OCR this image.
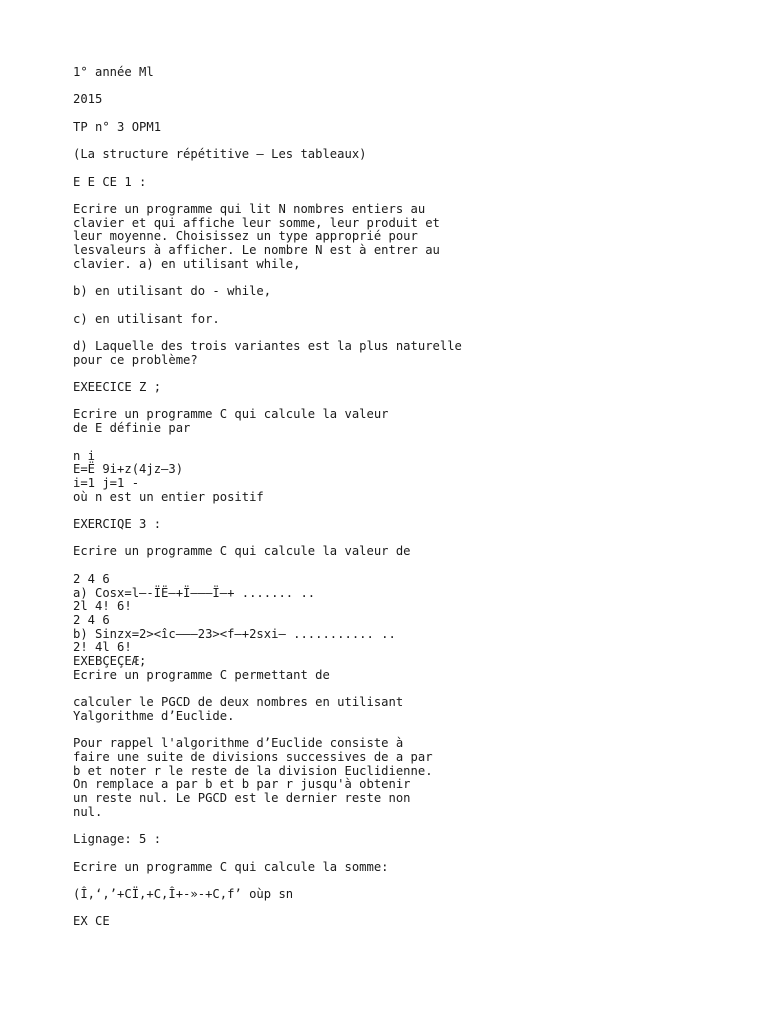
1° année Ml
2015
TP n° 3 OPM1
(La structure répétitive — Les tableaux)
E E CE 1 :
Ecrire un programme qui lit N nombres entiers au
clavier et qui affiche leur somme, leur produit et
leur moyenne. Choisissez un type approprié pour
lesvaleurs à afficher. Le nombre N est à entrer au
clavier. a) en utilisant while,
b) en utilisant do - while,
c) en utilisant for.
d) Laquelle des trois variantes est la plus naturelle
pour ce problème?
EXEECICE Z ;
Ecrire un programme C qui calcule la valeur
de E définie par
n i
E=Ë 9i+z(4jz—3)
i=1 j=1 -
où n est un entier positif
EXERCIQE 3 :
Ecrire un programme C qui calcule la valeur de
2 4 6
a) Cosx=l—-ÏË—+Ï———Ï—+ ....... ..
2l 4! 6!
2 4 6
b) Sinzx=2><îc———23><f—+2sxi— ........... ..
2! 4l 6!
EXEBÇEÇEÆ;
Ecrire un programme C permettant de
calculer le PGCD de deux nombres en utilisant
Yalgorithme d’Euclide.
Pour rappel l'algorithme d’Euclide consiste à
faire une suite de divisions successives de a par
b et noter r le reste de la division Euclidienne.
On remplace a par b et b par r jusqu'à obtenir
un reste nul. Le PGCD est le dernier reste non
nul.
Lignage: 5 :
Ecrire un programme C qui calcule la somme:
(Î,‘,’+CÏ,+C,Î+-»-+C,f’ oùp sn
EX CE
